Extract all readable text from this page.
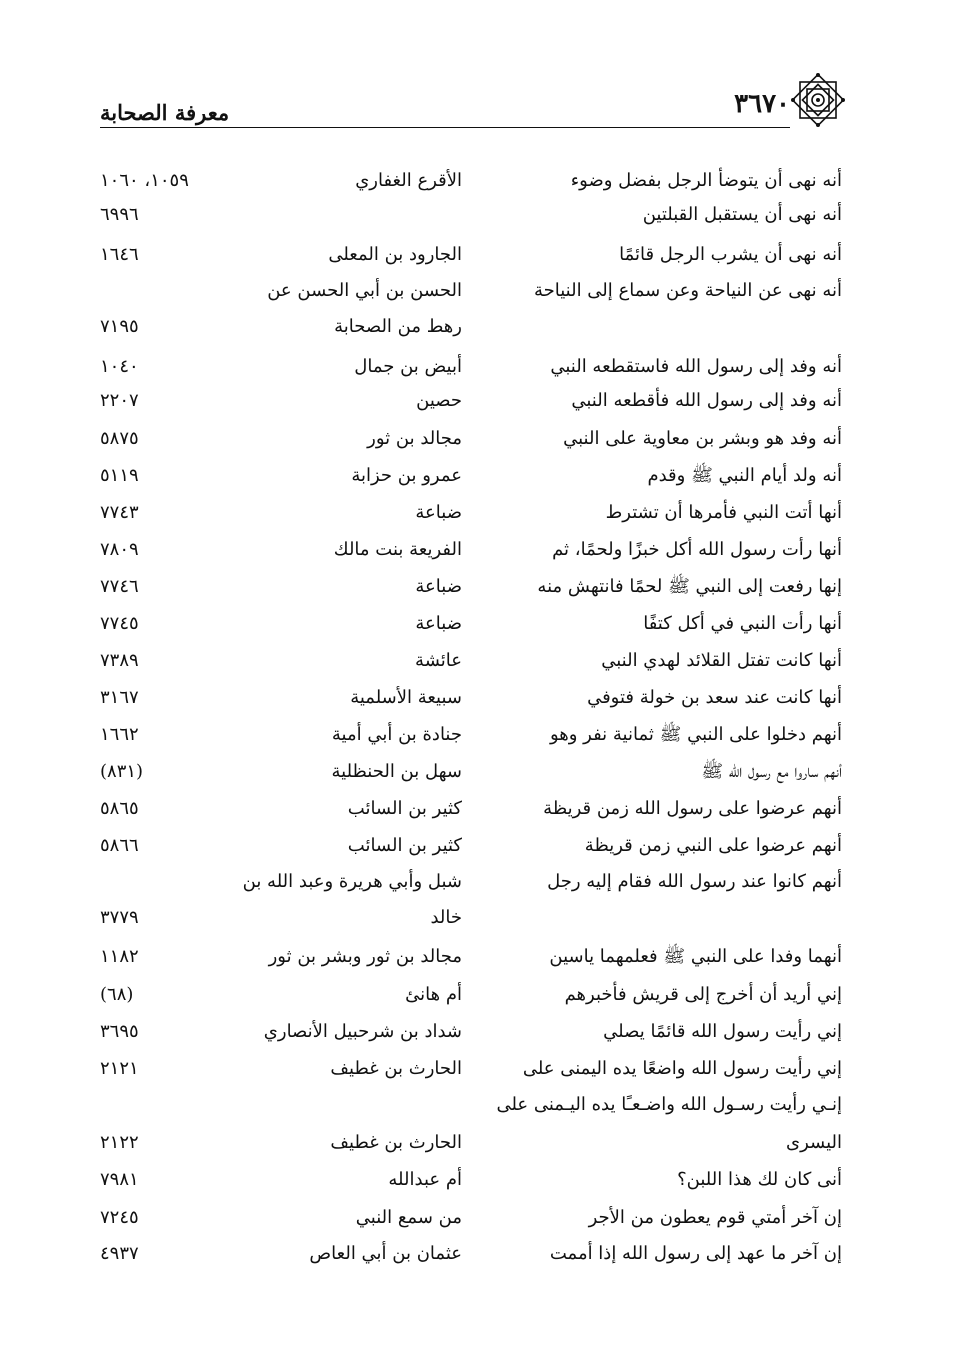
٣٦٧٠
معرفة الصحابة
أنه نهى أن يتوضأ الرجل بفضل وضوء
الأقرع الغفاري
١٠٥٩، ١٠٦٠
أنه نهى أن يستقبل القبلتين
٦٩٩٦
أنه نهى أن يشرب الرجل قائمًا
الجارود بن المعلى
١٦٤٦
أنه نهى عن النياحة وعن سماع إلى النياحة
الحسن بن أبي الحسن عن
رهط من الصحابة
٧١٩٥
أنه وفد إلى رسول الله فاستقطعه النبي
أبيض بن جمال
١٠٤٠
أنه وفد إلى رسول الله فأقطعه النبي
حصين
٢٢٠٧
أنه وفد هو وبشر بن معاوية على النبي
مجالد بن ثور
٥٨٧٥
أنه ولد أيام النبي ﷺ وقدم
عمرو بن حزابة
٥١١٩
أنها أتت النبي فأمرها أن تشترط
ضباعة
٧٧٤٣
أنها رأت رسول الله أكل خبزًا ولحمًا، ثم
الفريعة بنت مالك
٧٨٠٩
إنها رفعت إلى النبي ﷺ لحمًا فانتهش منه
ضباعة
٧٧٤٦
أنها رأت النبي في أكل كتفًا
ضباعة
٧٧٤٥
أنها كانت تفتل القلائد لهدي النبي
عائشة
٧٣٨٩
أنها كانت عند سعد بن خولة فتوفي
سبيعة الأسلمية
٣١٦٧
أنهم دخلوا على النبي ﷺ ثمانية نفر وهو
جنادة بن أبي أمية
١٦٦٢
أنهم ساروا مع رسول الله ﷺ
سهل بن الحنظلية
(٨٣١)
أنهم عرضوا على رسول الله زمن قريظة
كثير بن السائب
٥٨٦٥
أنهم عرضوا على النبي زمن قريظة
كثير بن السائب
٥٨٦٦
أنهم كانوا عند رسول الله فقام إليه رجل
شبل وأبي هريرة وعبد الله بن
خالد
٣٧٧٩
أنهما وفدا على النبي ﷺ فعلمهما ياسين
مجالد بن ثور وبشر بن ثور
١١٨٢
إني أريد أن أخرج إلى قريش فأخبرهم
أم هانئ
(٦٨)
إني رأيت رسول الله قائمًا يصلي
شداد بن شرحبيل الأنصاري
٣٦٩٥
إني رأيت رسول الله واضعًا يده اليمنى على
الحارث بن غطيف
٢١٢١
إنـي رأيت رسـول الله واضـعـًا يده اليـمنى على
اليسرى
الحارث بن غطيف
٢١٢٢
أنى كان لك هذا اللبن؟
أم عبدالله
٧٩٨١
إن آخر أمتي قوم يعطون من الأجر
من سمع النبي
٧٢٤٥
إن آخر ما عهد إلى رسول الله إذا أممت
عثمان بن أبي العاص
٤٩٣٧
